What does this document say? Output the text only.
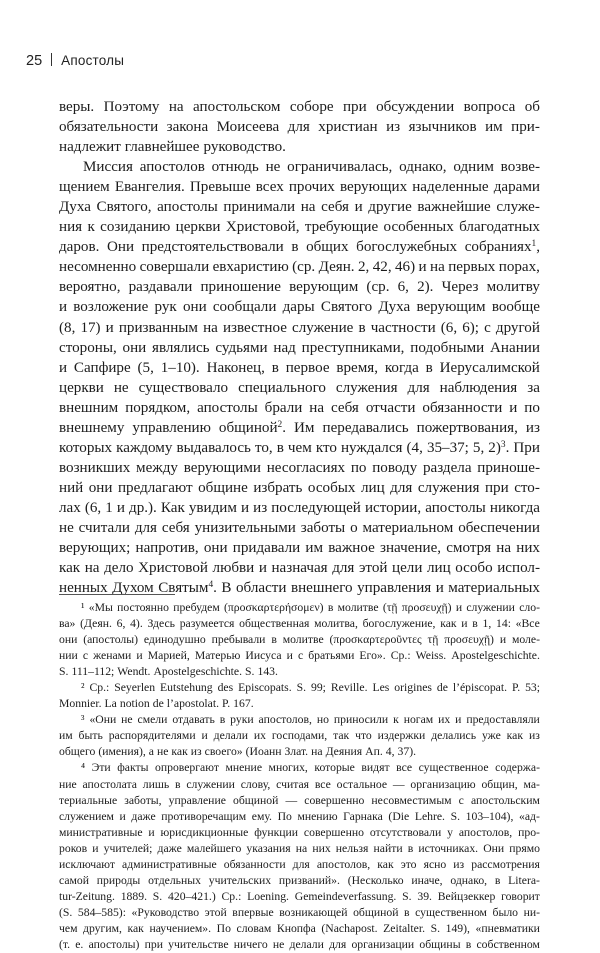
25 Апостолы
веры. Поэтому на апостольском соборе при обсуждении вопроса об
обязательности закона Моисеева для христиан из язычников им при-
надлежит главнейшее руководство.
Миссия апостолов отнюдь не ограничивалась, однако, одним возве-
щением Евангелия. Превыше всех прочих верующих наделенные дарами
Духа Святого, апостолы принимали на себя и другие важнейшие служе-
ния к созиданию церкви Христовой, требующие особенных благодатных
даров. Они предстоятельствовали в общих богослужебных собраниях$^1$,
несомненно совершали евхаристию (ср. Деян. 2, 42, 46) и на первых порах,
вероятно, раздавали приношение верующим (ср. 6, 2). Через молитву
и возложение рук они сообщали дары Святого Духа верующим вообще
(8, 17) и призванным на известное служение в частности (6, 6); с другой
стороны, они являлись судьями над преступниками, подобными Анании
и Сапфире (5, 1–10). Наконец, в первое время, когда в Иерусалимской
церкви не существовало специального служения для наблюдения за
внешним порядком, апостолы брали на себя отчасти обязанности и по
внешнему управлению общиной$^2$. Им передавались пожертвования, из
которых каждому выдавалось то, в чем кто нуждался (4, 35–37; 5, 2)$^3$. При
возникших между верующими несогласиях по поводу раздела приноше-
ний они предлагают общине избрать особых лиц для служения при сто-
лах (6, 1 и др.). Как увидим и из последующей истории, апостолы никогда
не считали для себя унизительными заботы о материальном обеспечении
верующих; напротив, они придавали им важное значение, смотря на них
как на дело Христовой любви и назначая для этой цели лиц особо испол-
ненных Духом Святым$^4$. В области внешнего управления и материальных
¹ «Мы постоянно пребудем (προσκαρτερήσομεν) в молитве (τῇ προσευχῇ) и служении сло-
ва» (Деян. 6, 4). Здесь разумеется общественная молитва, богослужение, как и в 1, 14: «Все
они (апостолы) единодушно пребывали в молитве (προσκαρτεροῦντες τῇ προσευχῇ) и моле-
нии с женами и Марией, Матерью Иисуса и с братьями Его». Ср.: Weiss. Apostelgeschichte.
S. 111–112; Wendt. Apostelgeschichte. S. 143.
² Ср.: Seyerlen Eutstehung des Episcopats. S. 99; Reville. Les origines de l’épiscopat. P. 53;
Monnier. La notion de l’apostolat. P. 167.
³ «Они не смели отдавать в руки апостолов, но приносили к ногам их и предоставляли
им быть распорядителями и делали их господами, так что издержки делались уже как из
общего (имения), а не как из своего» (Иоанн Злат. на Деяния Ап. 4, 37).
⁴ Эти факты опровергают мнение многих, которые видят все существенное содержа-
ние апостолата лишь в служении слову, считая все остальное — организацию общин, ма-
териальные заботы, управление общиной — совершенно несовместимым с апостольским
служением и даже противоречащим ему. По мнению Гарнака (Die Lehre. S. 103–104), «ад-
министративные и юрисдикционные функции совершенно отсутствовали у апостолов, про-
роков и учителей; даже малейшего указания на них нельзя найти в источниках. Они прямо
исключают административные обязанности для апостолов, как это ясно из рассмотрения
самой природы отдельных учительских призваний». (Несколько иначе, однако, в Litera-
tur-Zeitung. 1889. S. 420–421.) Ср.: Loening. Gemeindeverfassung. S. 39. Вейцзеккер говорит
(S. 584–585): «Руководство этой впервые возникающей общиной в существенном было ни-
чем другим, как научением». По словам Кнопфа (Nachapost. Zeitalter. S. 149), «пневматики
(т. е. апостолы) при учительстве ничего не делали для организации общины в собственном
